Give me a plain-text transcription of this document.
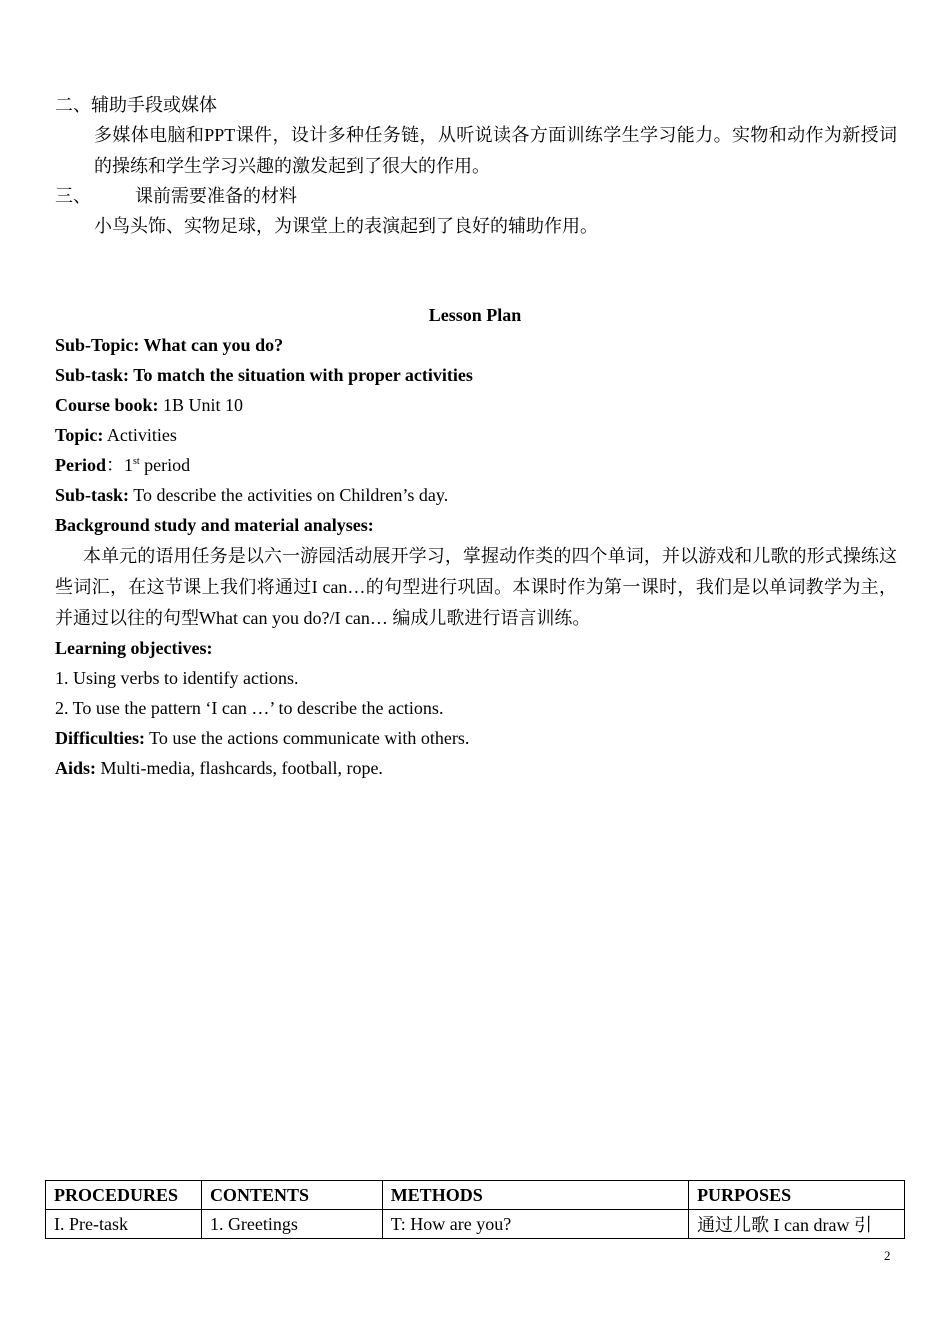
二、辅助手段或媒体
多媒体电脑和PPT课件，设计多种任务链，从听说读各方面训练学生学习能力。实物和动作为新授词的操练和学生学习兴趣的激发起到了很大的作用。
三、 课前需要准备的材料
小鸟头饰、实物足球，为课堂上的表演起到了良好的辅助作用。
Lesson Plan
Sub-Topic: What can you do?
Sub-task: To match the situation with proper activities
Course book: 1B Unit 10
Topic: Activities
Period：1st period
Sub-task: To describe the activities on Children’s day.
Background study and material analyses:
本单元的语用任务是以六一游园活动展开学习，掌握动作类的四个单词，并以游戏和儿歌的形式操练这些词汇，在这节课上我们将通过I can…的句型进行巩固。本课时作为第一课时，我们是以单词教学为主，并通过以往的句型What can you do?/I can… 编成儿歌进行语言训练。
Learning objectives:
1. Using verbs to identify actions.
2. To use the pattern ‘I can …’ to describe the actions.
Difficulties: To use the actions communicate with others.
Aids: Multi-media, flashcards, football, rope.
PROCEDURES	CONTENTS	METHODS	PURPOSES
I. Pre-task	1. Greetings	T: How are you?	通过儿歌 I can draw 引
2
